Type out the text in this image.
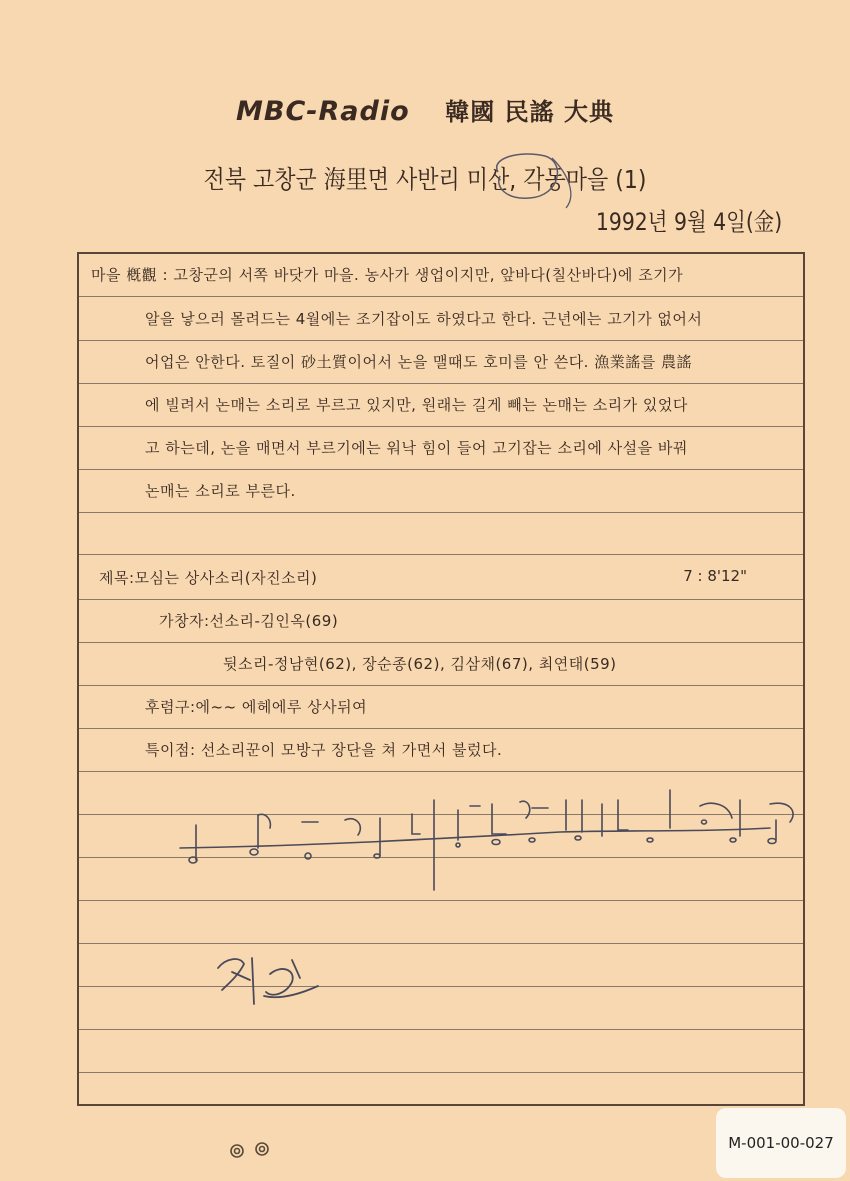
MBC-Radio 韓國 民謠 大典
전북 고창군 海里면 사반리 미산, 각동마을 (1)
1992년 9월 4일(金)
마을 槪觀 : 고창군의 서쪽 바닷가 마을. 농사가 생업이지만, 앞바다(칠산바다)에 조기가
알을 낳으러 몰려드는 4월에는 조기잡이도 하였다고 한다. 근년에는 고기가 없어서
어업은 안한다. 토질이 砂土質이어서 논을 맬때도 호미를 안 쓴다. 漁業謠를 農謠
에 빌려서 논매는 소리로 부르고 있지만, 원래는 길게 빼는 논매는 소리가 있었다
고 하는데, 논을 매면서 부르기에는 워낙 힘이 들어 고기잡는 소리에 사설을 바꿔
논매는 소리로 부른다.
제목:모심는 상사소리(자진소리)	7 : 8'12"
가창자:선소리-김인옥(69)
뒷소리-정남현(62), 장순종(62), 김삼채(67), 최연태(59)
후렴구:에~~ 에헤에루 상사뒤여
특이점: 선소리꾼이 모방구 장단을 쳐 가면서 불렀다.
M-001-00-027
